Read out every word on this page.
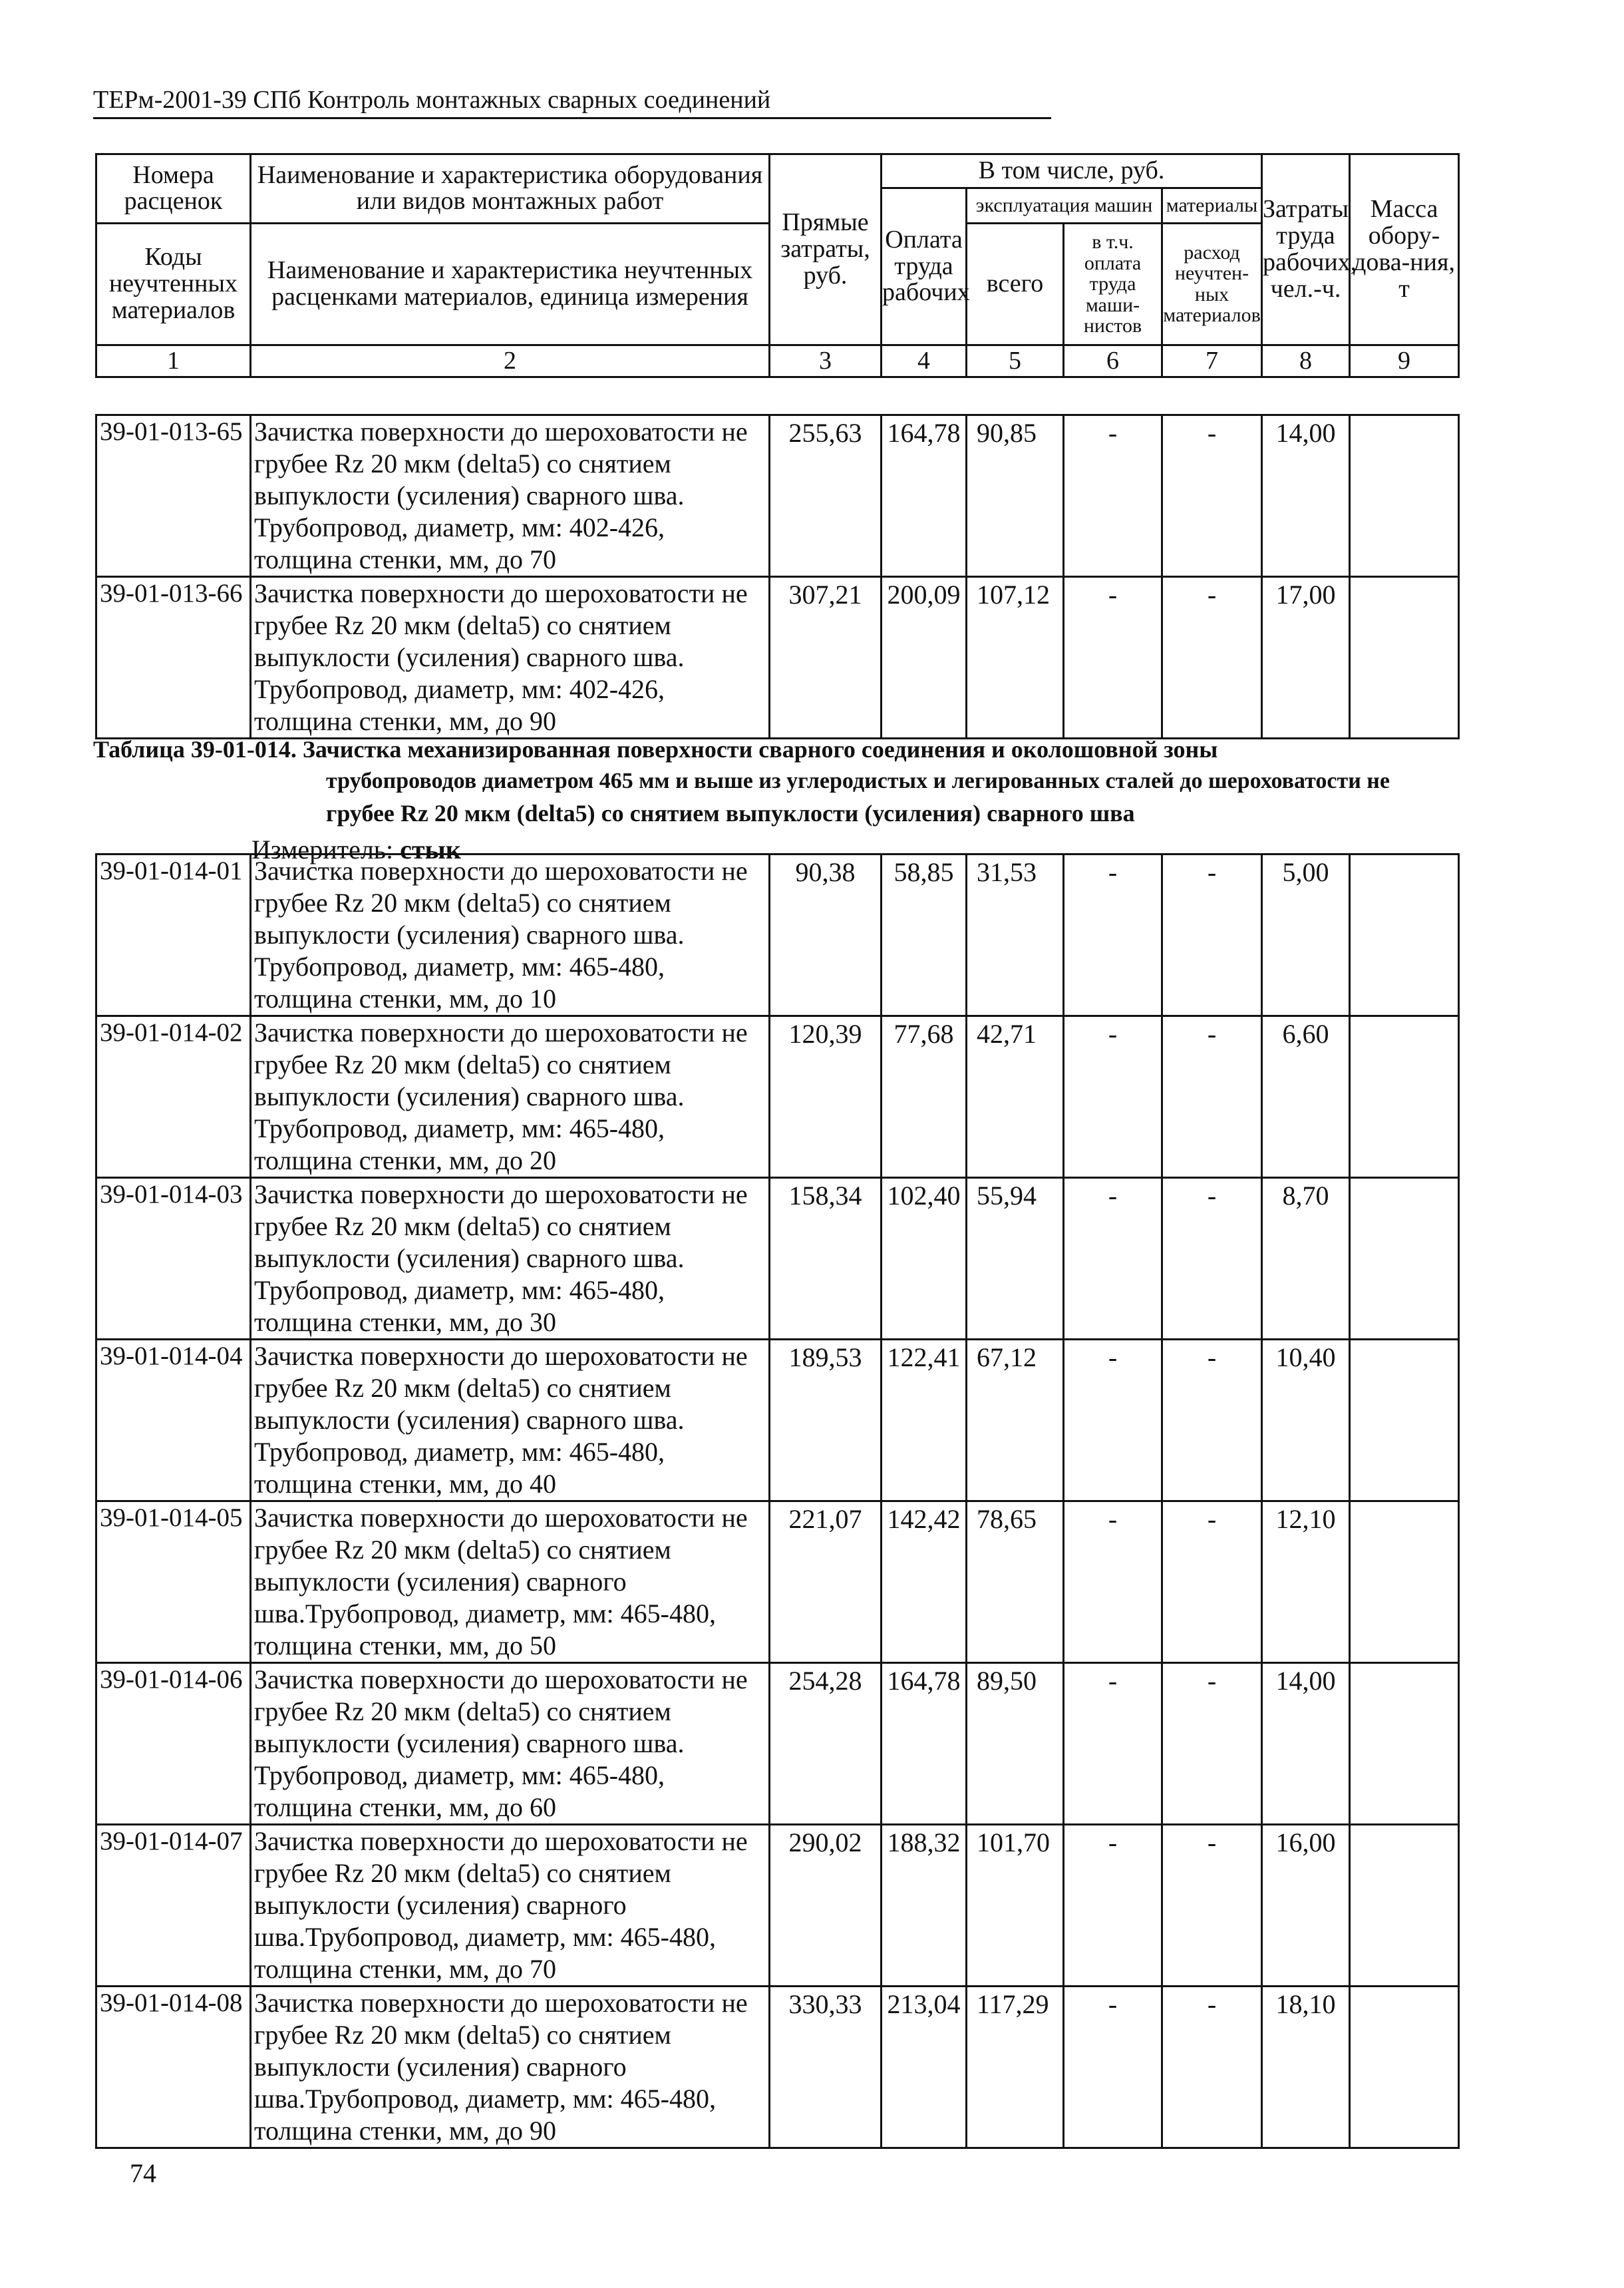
ТЕРм-2001-39 СПб Контроль монтажных сварных соединений
Номера расценок	Наименование и характеристика оборудования или видов монтажных работ	Прямые затраты, руб.	В том числе, руб.				Затраты труда рабочих, чел.-ч.	Масса обору-дова-ния, т
			Оплата труда рабочих	эксплуатация машин		материалы		
Коды неучтенных материалов	Наименование и характеристика неучтенных расценками материалов, единица измерения			всего	в т.ч. оплата труда маши-нистов	расход неучтен-ных материалов		

1	2	3	4	5	6	7	8	9
39-01-013-65	Зачистка поверхности до шероховатости не грубее Rz 20 мкм (delta5) со снятием выпуклости (усиления) сварного шва. Трубопровод, диаметр, мм: 402-426, толщина стенки, мм, до 70	255,63	164,78	90,85	-	-	14,00	
39-01-013-66	Зачистка поверхности до шероховатости не грубее Rz 20 мкм (delta5) со снятием выпуклости (усиления) сварного шва. Трубопровод, диаметр, мм: 402-426, толщина стенки, мм, до 90	307,21	200,09	107,12	-	-	17,00	
Таблица 39-01-014. Зачистка механизированная поверхности сварного соединения и околошовной зоны
трубопроводов диаметром 465 мм и выше из углеродистых и легированных сталей до шероховатости не
грубее Rz 20 мкм (delta5) со снятием выпуклости (усиления) сварного шва
Измеритель: стык
39-01-014-01	Зачистка поверхности до шероховатости не грубее Rz 20 мкм (delta5) со снятием выпуклости (усиления) сварного шва. Трубопровод, диаметр, мм: 465-480, толщина стенки, мм, до 10	90,38	58,85	31,53	-	-	5,00	
39-01-014-02	Зачистка поверхности до шероховатости не грубее Rz 20 мкм (delta5) со снятием выпуклости (усиления) сварного шва. Трубопровод, диаметр, мм: 465-480, толщина стенки, мм, до 20	120,39	77,68	42,71	-	-	6,60	
39-01-014-03	Зачистка поверхности до шероховатости не грубее Rz 20 мкм (delta5) со снятием выпуклости (усиления) сварного шва. Трубопровод, диаметр, мм: 465-480, толщина стенки, мм, до 30	158,34	102,40	55,94	-	-	8,70	
39-01-014-04	Зачистка поверхности до шероховатости не грубее Rz 20 мкм (delta5) со снятием выпуклости (усиления) сварного шва. Трубопровод, диаметр, мм: 465-480, толщина стенки, мм, до 40	189,53	122,41	67,12	-	-	10,40	
39-01-014-05	Зачистка поверхности до шероховатости не грубее Rz 20 мкм (delta5) со снятием выпуклости (усиления) сварного шва.Трубопровод, диаметр, мм: 465-480, толщина стенки, мм, до 50	221,07	142,42	78,65	-	-	12,10	
39-01-014-06	Зачистка поверхности до шероховатости не грубее Rz 20 мкм (delta5) со снятием выпуклости (усиления) сварного шва. Трубопровод, диаметр, мм: 465-480, толщина стенки, мм, до 60	254,28	164,78	89,50	-	-	14,00	
39-01-014-07	Зачистка поверхности до шероховатости не грубее Rz 20 мкм (delta5) со снятием выпуклости (усиления) сварного шва.Трубопровод, диаметр, мм: 465-480, толщина стенки, мм, до 70	290,02	188,32	101,70	-	-	16,00	
39-01-014-08	Зачистка поверхности до шероховатости не грубее Rz 20 мкм (delta5) со снятием выпуклости (усиления) сварного шва.Трубопровод, диаметр, мм: 465-480, толщина стенки, мм, до 90	330,33	213,04	117,29	-	-	18,10	
74
